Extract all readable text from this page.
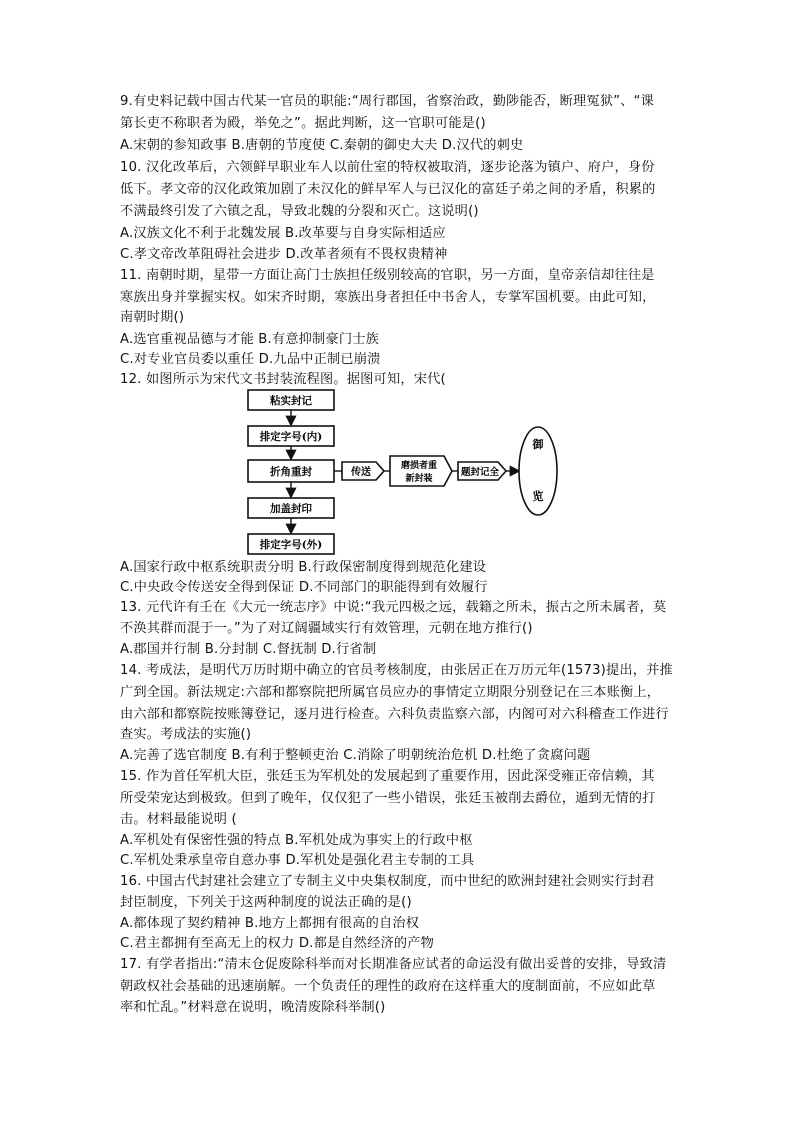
9.有史料记载中国古代某一官员的职能:“周行郡国，省察治政，勤陟能否，断理冤狱”、“课
第长吏不称职者为殿，举免之”。据此判断，这一官职可能是()
A.宋朝的参知政事 B.唐朝的节度使 C.秦朝的御史大夫 D.汉代的刺史
10. 汉化改革后，六领鲜早职业车人以前仕室的特权被取消，逐步论落为镇户、府户，身份
低下。孝文帝的汉化政策加剧了未汉化的鲜早军人与已汉化的富廷子弟之间的矛盾，积累的
不满最终引发了六镇之乱，导致北魏的分裂和灭亡。这说明()
A.汉族文化不利于北魏发展 B.改革要与自身实际相适应
C.孝文帝改革阻碍社会进步 D.改革者须有不畏权贵精神
11. 南朝时期，星带一方面让高门士族担任级别较高的官职，另一方面，皇帝亲信却往往是
寒族出身并掌握实权。如宋齐时期，寒族出身者担任中书舍人，专掌军国机要。由此可知，
南朝时期()
A.选官重视品德与才能 B.有意抑制豪门士族
C.对专业官员委以重任 D.九品中正制已崩溃
12. 如图所示为宋代文书封装流程图。据图可知，宋代(
粘实封记
排定字号(内)
折角重封
加盖封印
排定字号(外)
传送
磨损者重
新封装
题封记全
御
览
A.国家行政中枢系统职责分明 B.行政保密制度得到规范化建设
C.中央政令传送安全得到保证 D.不同部门的职能得到有效履行
13. 元代许有壬在《大元一统志序》中说:“我元四极之远，载籍之所未，振古之所未属者，莫
不涣其群而混于一。”为了对辽阔疆域实行有效管理，元朝在地方推行()
A.郡国并行制 B.分封制 C.督抚制 D.行省制
14. 考成法，是明代万历时期中确立的官员考核制度，由张居正在万历元年(1573)提出，并推
广到全国。新法规定:六部和都察院把所属官员应办的事情定立期限分别登记在三本账衡上，
由六部和都察院按账簿登记，逐月进行检查。六科负责监察六部，内阁可对六科稽查工作进行
查实。考成法的实施()
A.完善了选官制度 B.有利于整顿吏治 C.消除了明朝统治危机 D.杜绝了贪腐问题
15. 作为首任军机大臣，张廷玉为军机处的发展起到了重要作用，因此深受雍正帝信赖，其
所受荣宠达到极致。但到了晚年，仅仅犯了一些小错误，张廷玉被削去爵位，遁到无情的打
击。材料最能说明 (
A.军机处有保密性强的特点 B.军机处成为事实上的行政中枢
C.军机处秉承皇帝自意办事 D.军机处是强化君主专制的工具
16. 中国古代封建社会建立了专制主义中央集权制度，而中世纪的欧洲封建社会则实行封君
封臣制度，下列关于这两种制度的说法正确的是()
A.都体现了契约精神 B.地方上都拥有很高的自治权
C.君主都拥有至高无上的权力 D.都是自然经济的产物
17. 有学者指出:“清末仓促废除科举而对长期准备应试者的命运没有做出妥普的安排，导致清
朝政权社会基础的迅速崩解。一个负责任的理性的政府在这样重大的度制面前，不应如此草
率和忙乱。”材料意在说明，晚清废除科举制()
